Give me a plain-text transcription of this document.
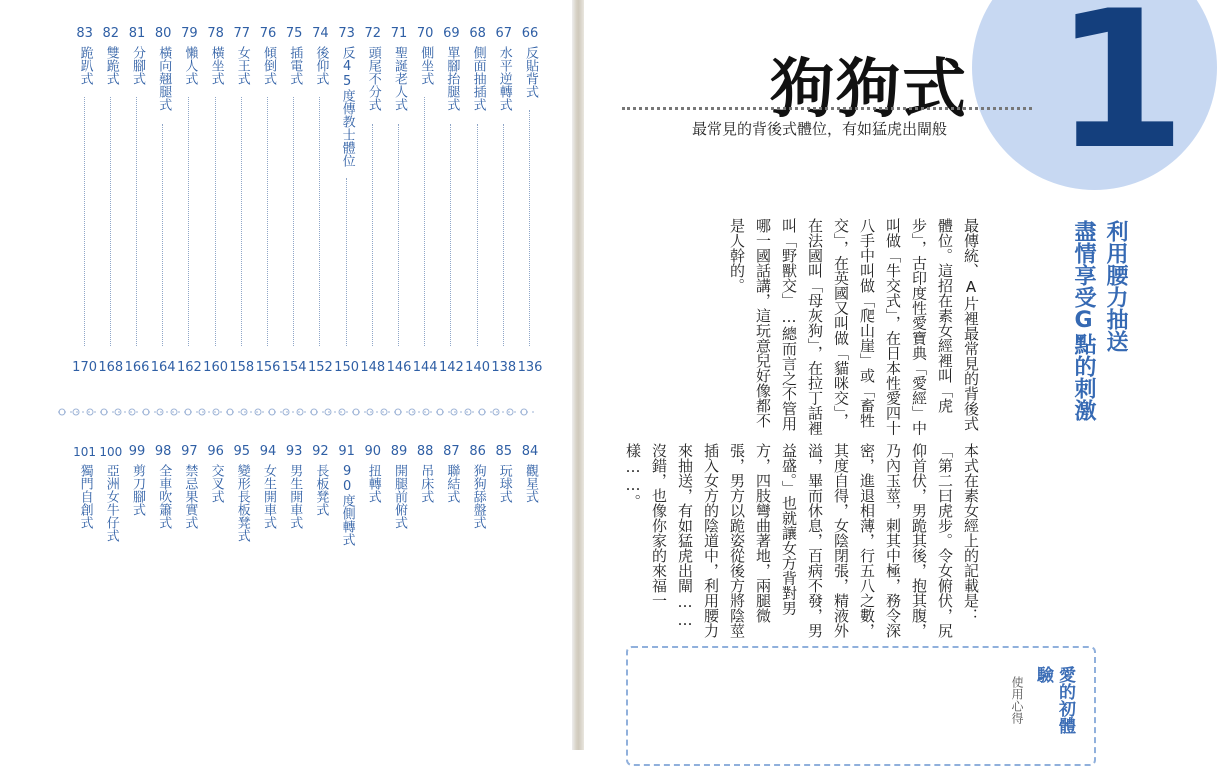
66
反貼背式
136
67
水平逆轉式
138
68
側面抽插式
140
69
單腳抬腿式
142
70
側坐式
144
71
聖誕老人式
146
72
頭尾不分式
148
73
反45度傳教士體位
150
74
後仰式
152
75
插電式
154
76
傾倒式
156
77
女王式
158
78
橫坐式
160
79
懶人式
162
80
橫向翹腿式
164
81
分腳式
166
82
雙跪式
168
83
跪趴式
170
84
觀星式
85
玩球式
86
狗狗舔盤式
87
聯結式
88
吊床式
89
開腿前俯式
90
扭轉式
91
90度側轉式
92
長板凳式
93
男生開車式
94
女生開車式
95
變形長板凳式
96
交叉式
97
禁忌果實式
98
全車吹簫式
99
剪刀腳式
100
亞洲女牛仔式
101
獨門自創式
1
狗狗式
最常見的背後式體位，有如猛虎出閘般
利用腰力抽送
盡情享受G點的刺激
最傳統、A片裡最常見的背後式體位。這招在素女經裡叫「虎步」，古印度性愛寶典「愛經」中叫做「牛交式」，在日本性愛四十八手中叫做「爬山崖」或「畜牲交」，在英國又叫做「貓咪交」，在法國叫「母灰狗」，在拉丁話裡叫「野獸交」…總而言之不管用哪一國話講，這玩意兒好像都不是人幹的。
本式在素女經上的記載是：「第二曰虎步。令女俯伏，尻仰首伏，男跪其後，抱其腹，乃內玉莖，刺其中極，務令深密，進退相薄，行五八之數，其度自得，女陰閉張，精液外溢，畢而休息，百病不發，男益盛。」也就讓女方背對男方，四肢彎曲著地，兩腿微張，男方以跪姿從後方將陰莖插入女方的陰道中，利用腰力來抽送，有如猛虎出閘……沒錯，也像你家的來福一樣……。
愛的初體驗
使用心得
